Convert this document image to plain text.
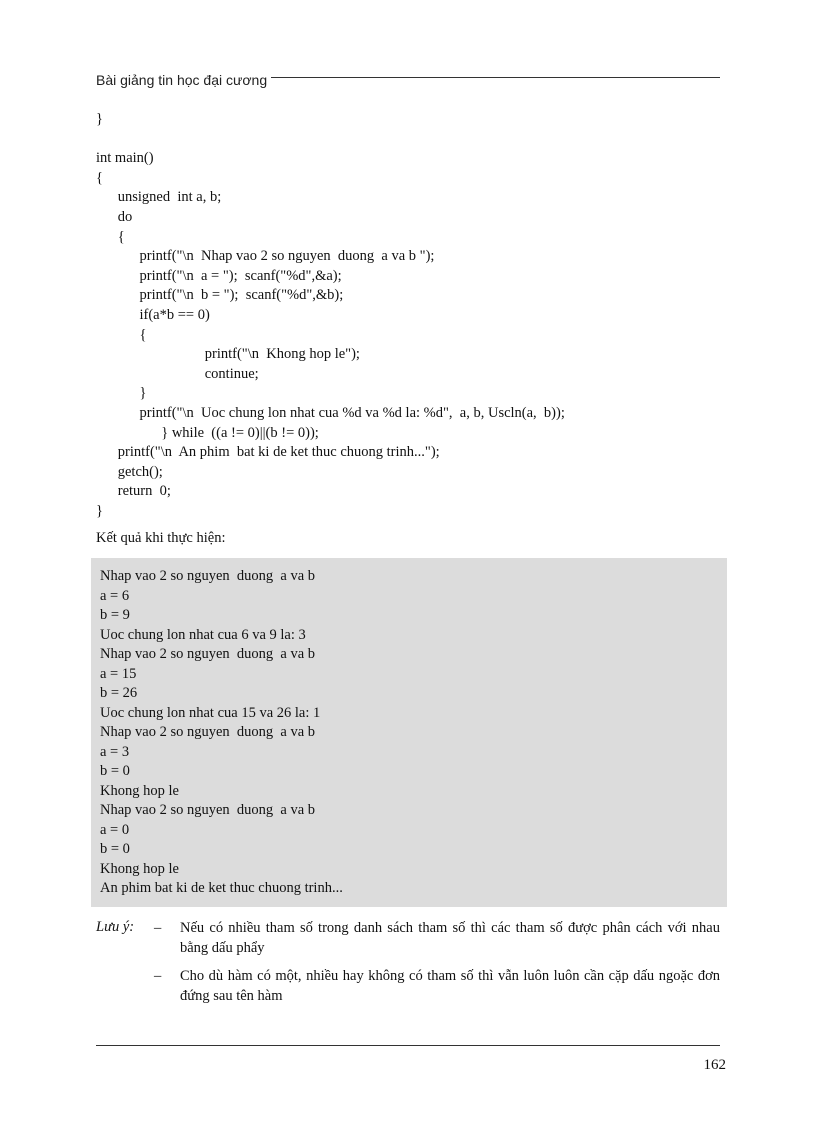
Bài giảng tin học đại cương
}
int main()
{
unsigned  int a, b;
do
{
printf("\n  Nhap vao 2 so nguyen  duong  a va b ");
printf("\n  a = ");  scanf("%d",&a);
printf("\n  b = ");  scanf("%d",&b);
if(a*b == 0)
{
printf("\n  Khong hop le");
continue;
}
printf("\n  Uoc chung lon nhat cua %d va %d la: %d",  a, b, Uscln(a,  b));
} while  ((a != 0)||(b != 0));
printf("\n  An phim  bat ki de ket thuc chuong trinh...");
getch();
return  0;
}
Kết quả khi thực hiện:
Nhap vao 2 so nguyen  duong  a va b
a = 6
b = 9
Uoc chung lon nhat cua 6 va 9 la: 3
Nhap vao 2 so nguyen  duong  a va b
a = 15
b = 26
Uoc chung lon nhat cua 15 va 26 la: 1
Nhap vao 2 so nguyen  duong  a va b
a = 3
b = 0
Khong hop le
Nhap vao 2 so nguyen  duong  a va b
a = 0
b = 0
Khong hop le
An phim bat ki de ket thuc chuong trinh...
Lưu ý: – Nếu có nhiều tham số trong danh sách tham số thì các tham số được phân cách với nhau bằng dấu phẩy
– Cho dù hàm có một, nhiều hay không có tham số thì vẫn luôn luôn cần cặp dấu ngoặc đơn đứng sau tên hàm
162
